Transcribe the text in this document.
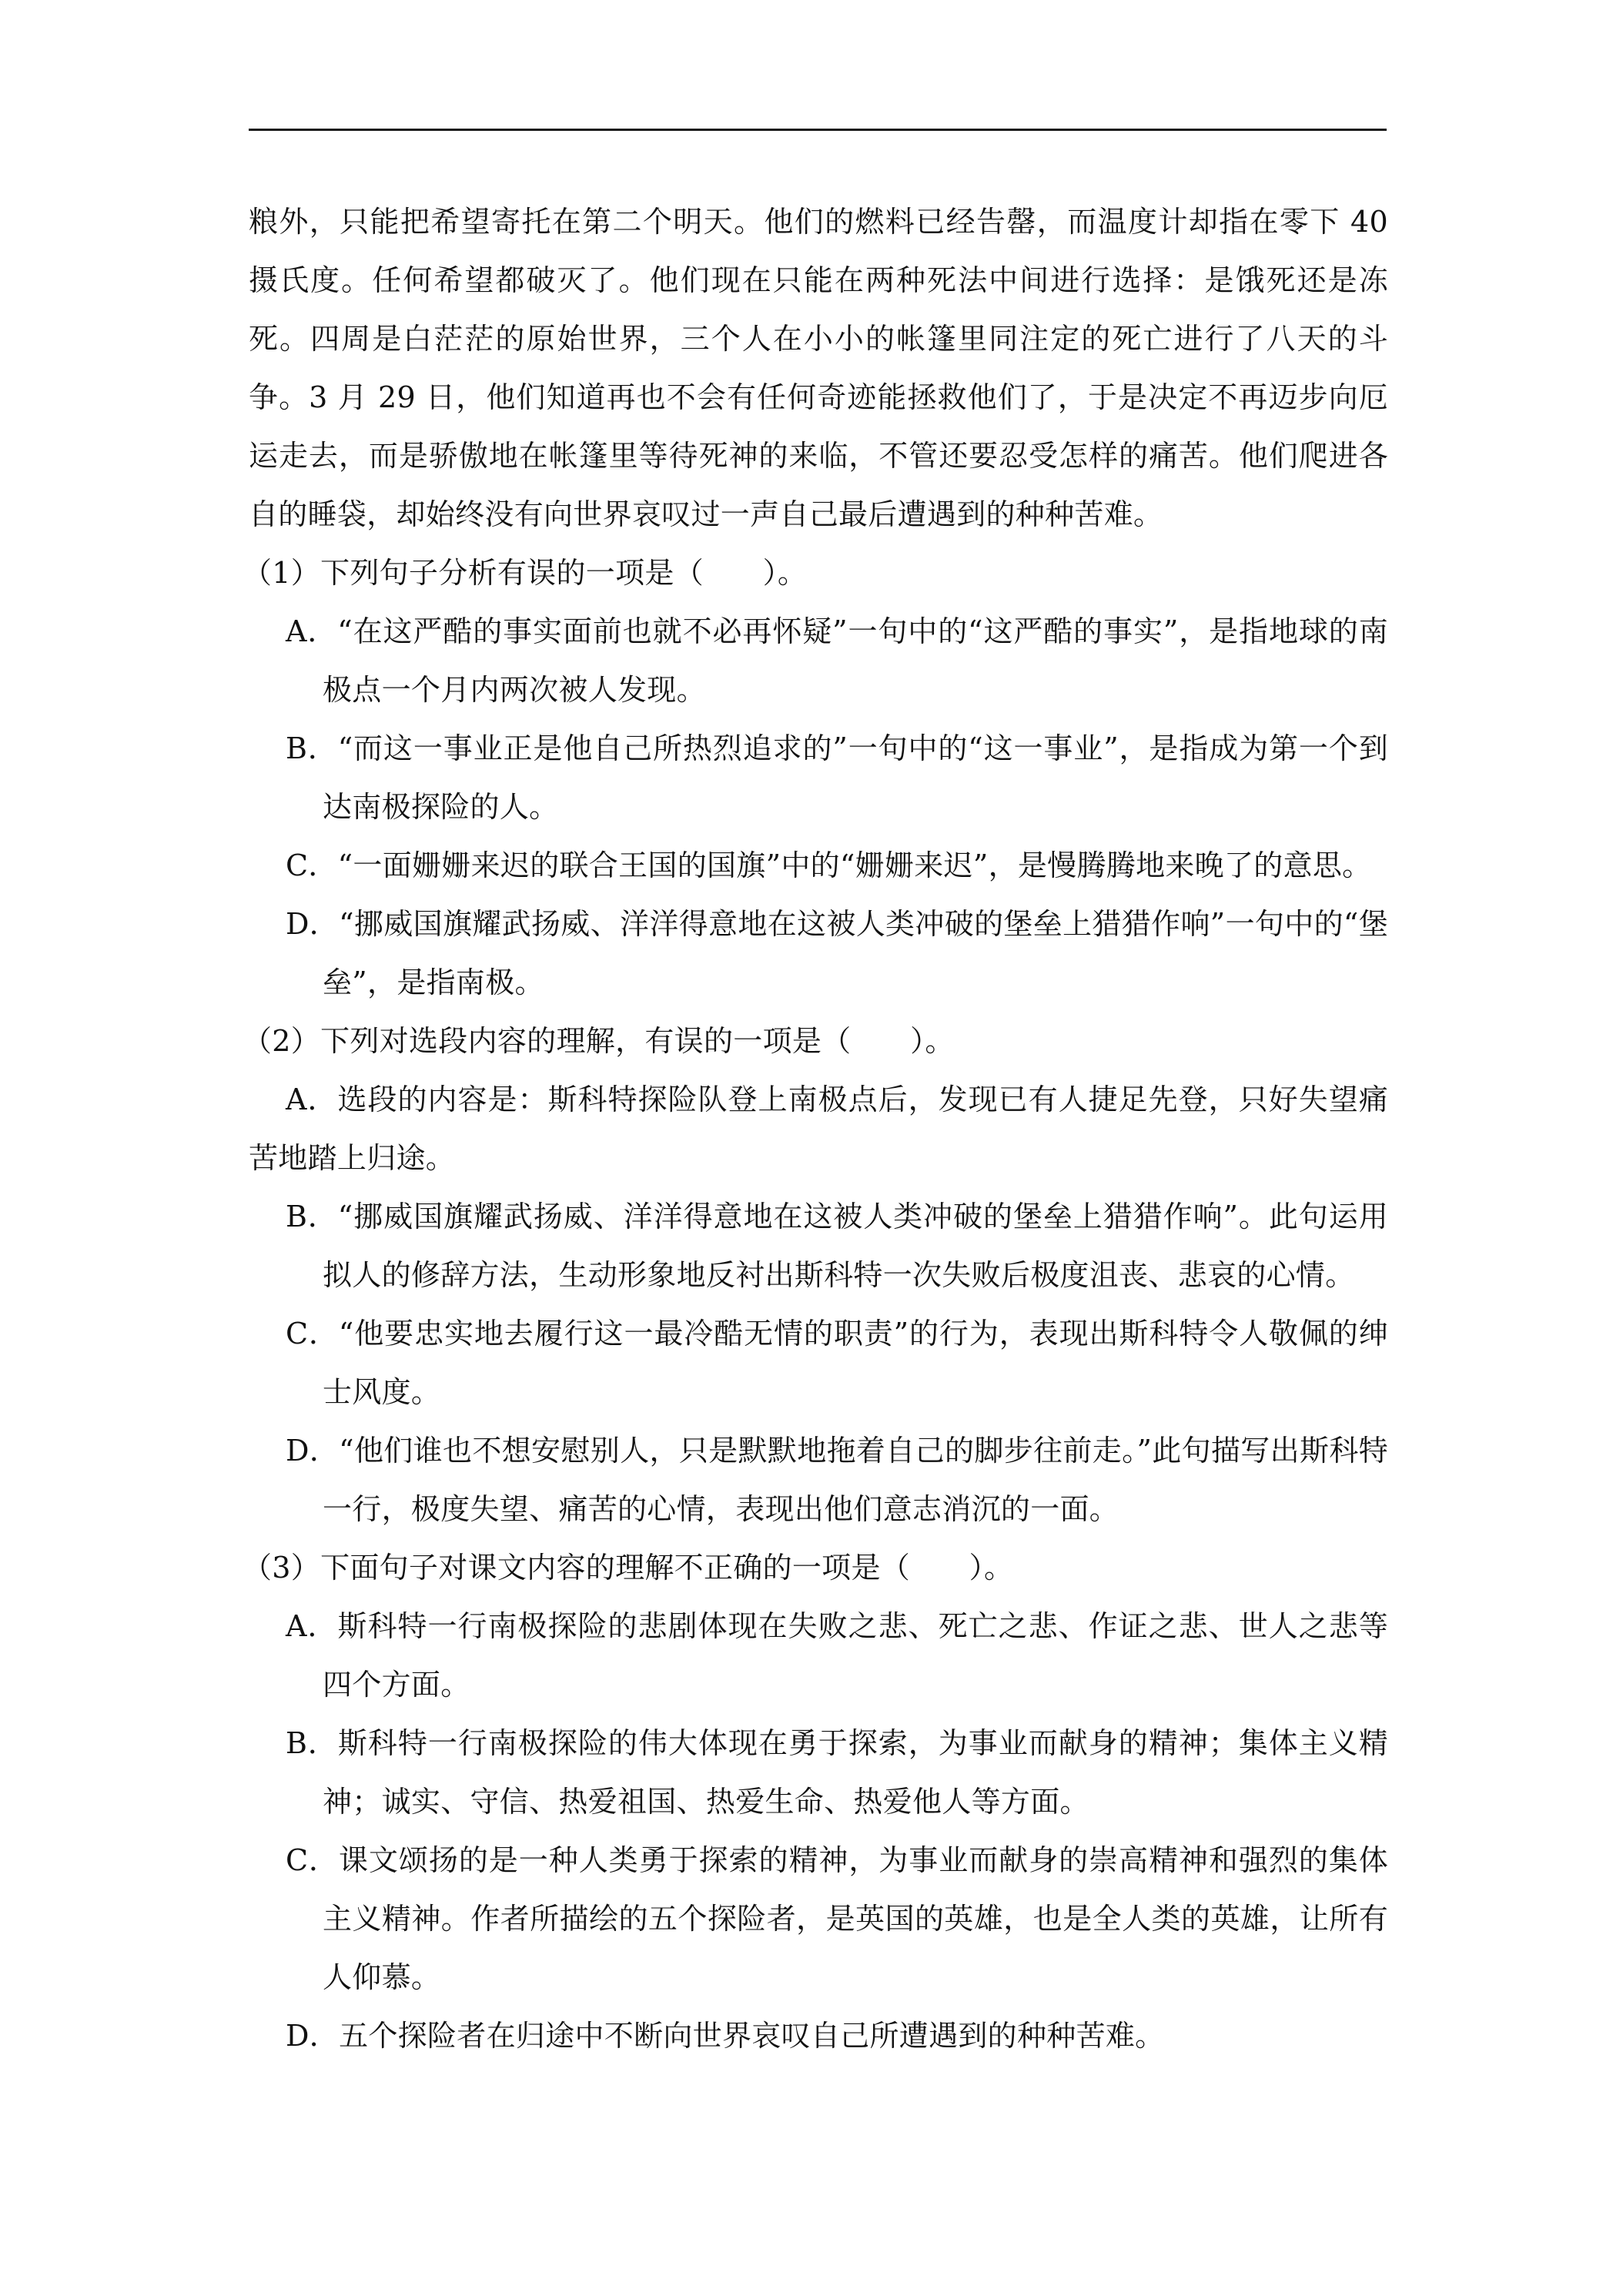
粮外，只能把希望寄托在第二个明天。他们的燃料已经告罄，而温度计却指在零下 40 摄氏度。任何希望都破灭了。他们现在只能在两种死法中间进行选择：是饿死还是冻死。四周是白茫茫的原始世界，三个人在小小的帐篷里同注定的死亡进行了八天的斗争。3 月 29 日，他们知道再也不会有任何奇迹能拯救他们了，于是决定不再迈步向厄运走去，而是骄傲地在帐篷里等待死神的来临，不管还要忍受怎样的痛苦。他们爬进各自的睡袋，却始终没有向世界哀叹过一声自己最后遭遇到的种种苦难。

（1）下列句子分析有误的一项是（　　）。

A．“在这严酷的事实面前也就不必再怀疑”一句中的“这严酷的事实”，是指地球的南极点一个月内两次被人发现。

B．“而这一事业正是他自己所热烈追求的”一句中的“这一事业”，是指成为第一个到达南极探险的人。

C．“一面姗姗来迟的联合王国的国旗”中的“姗姗来迟”，是慢腾腾地来晚了的意思。

D．“挪威国旗耀武扬威、洋洋得意地在这被人类冲破的堡垒上猎猎作响”一句中的“堡垒”，是指南极。

（2）下列对选段内容的理解，有误的一项是（　　）。

A．选段的内容是：斯科特探险队登上南极点后，发现已有人捷足先登，只好失望痛苦地踏上归途。

B．“挪威国旗耀武扬威、洋洋得意地在这被人类冲破的堡垒上猎猎作响”。此句运用拟人的修辞方法，生动形象地反衬出斯科特一次失败后极度沮丧、悲哀的心情。

C．“他要忠实地去履行这一最冷酷无情的职责”的行为，表现出斯科特令人敬佩的绅士风度。

D．“他们谁也不想安慰别人，只是默默地拖着自己的脚步往前走。”此句描写出斯科特一行，极度失望、痛苦的心情，表现出他们意志消沉的一面。

（3）下面句子对课文内容的理解不正确的一项是（　　）。

A．斯科特一行南极探险的悲剧体现在失败之悲、死亡之悲、作证之悲、世人之悲等四个方面。

B．斯科特一行南极探险的伟大体现在勇于探索，为事业而献身的精神；集体主义精神；诚实、守信、热爱祖国、热爱生命、热爱他人等方面。

C．课文颂扬的是一种人类勇于探索的精神，为事业而献身的崇高精神和强烈的集体主义精神。作者所描绘的五个探险者，是英国的英雄，也是全人类的英雄，让所有人仰慕。

D．五个探险者在归途中不断向世界哀叹自己所遭遇到的种种苦难。
